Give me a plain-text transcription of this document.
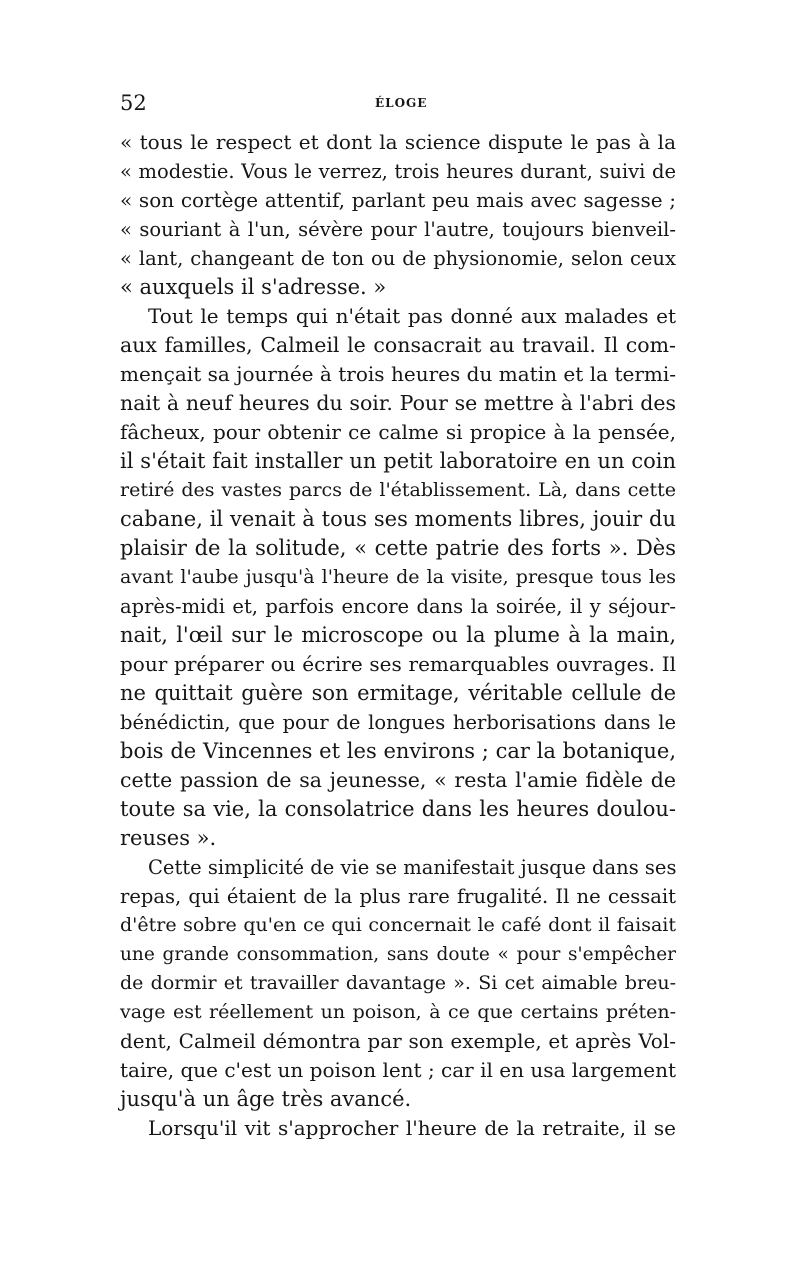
52	ÉLOGE
« tous le respect et dont la science dispute le pas à la
« modestie. Vous le verrez, trois heures durant, suivi de
« son cortège attentif, parlant peu mais avec sagesse ;
« souriant à l'un, sévère pour l'autre, toujours bienveil-
« lant, changeant de ton ou de physionomie, selon ceux
« auxquels il s'adresse. »
Tout le temps qui n'était pas donné aux malades et
aux familles, Calmeil le consacrait au travail. Il com-
mençait sa journée à trois heures du matin et la termi-
nait à neuf heures du soir. Pour se mettre à l'abri des
fâcheux, pour obtenir ce calme si propice à la pensée,
il s'était fait installer un petit laboratoire en un coin
retiré des vastes parcs de l'établissement. Là, dans cette
cabane, il venait à tous ses moments libres, jouir du
plaisir de la solitude, « cette patrie des forts ». Dès
avant l'aube jusqu'à l'heure de la visite, presque tous les
après-midi et, parfois encore dans la soirée, il y séjour-
nait, l'œil sur le microscope ou la plume à la main,
pour préparer ou écrire ses remarquables ouvrages. Il
ne quittait guère son ermitage, véritable cellule de
bénédictin, que pour de longues herborisations dans le
bois de Vincennes et les environs ; car la botanique,
cette passion de sa jeunesse, « resta l'amie fidèle de
toute sa vie, la consolatrice dans les heures doulou-
reuses ».
Cette simplicité de vie se manifestait jusque dans ses
repas, qui étaient de la plus rare frugalité. Il ne cessait
d'être sobre qu'en ce qui concernait le café dont il faisait
une grande consommation, sans doute « pour s'empêcher
de dormir et travailler davantage ». Si cet aimable breu-
vage est réellement un poison, à ce que certains préten-
dent, Calmeil démontra par son exemple, et après Vol-
taire, que c'est un poison lent ; car il en usa largement
jusqu'à un âge très avancé.
Lorsqu'il vit s'approcher l'heure de la retraite, il se
